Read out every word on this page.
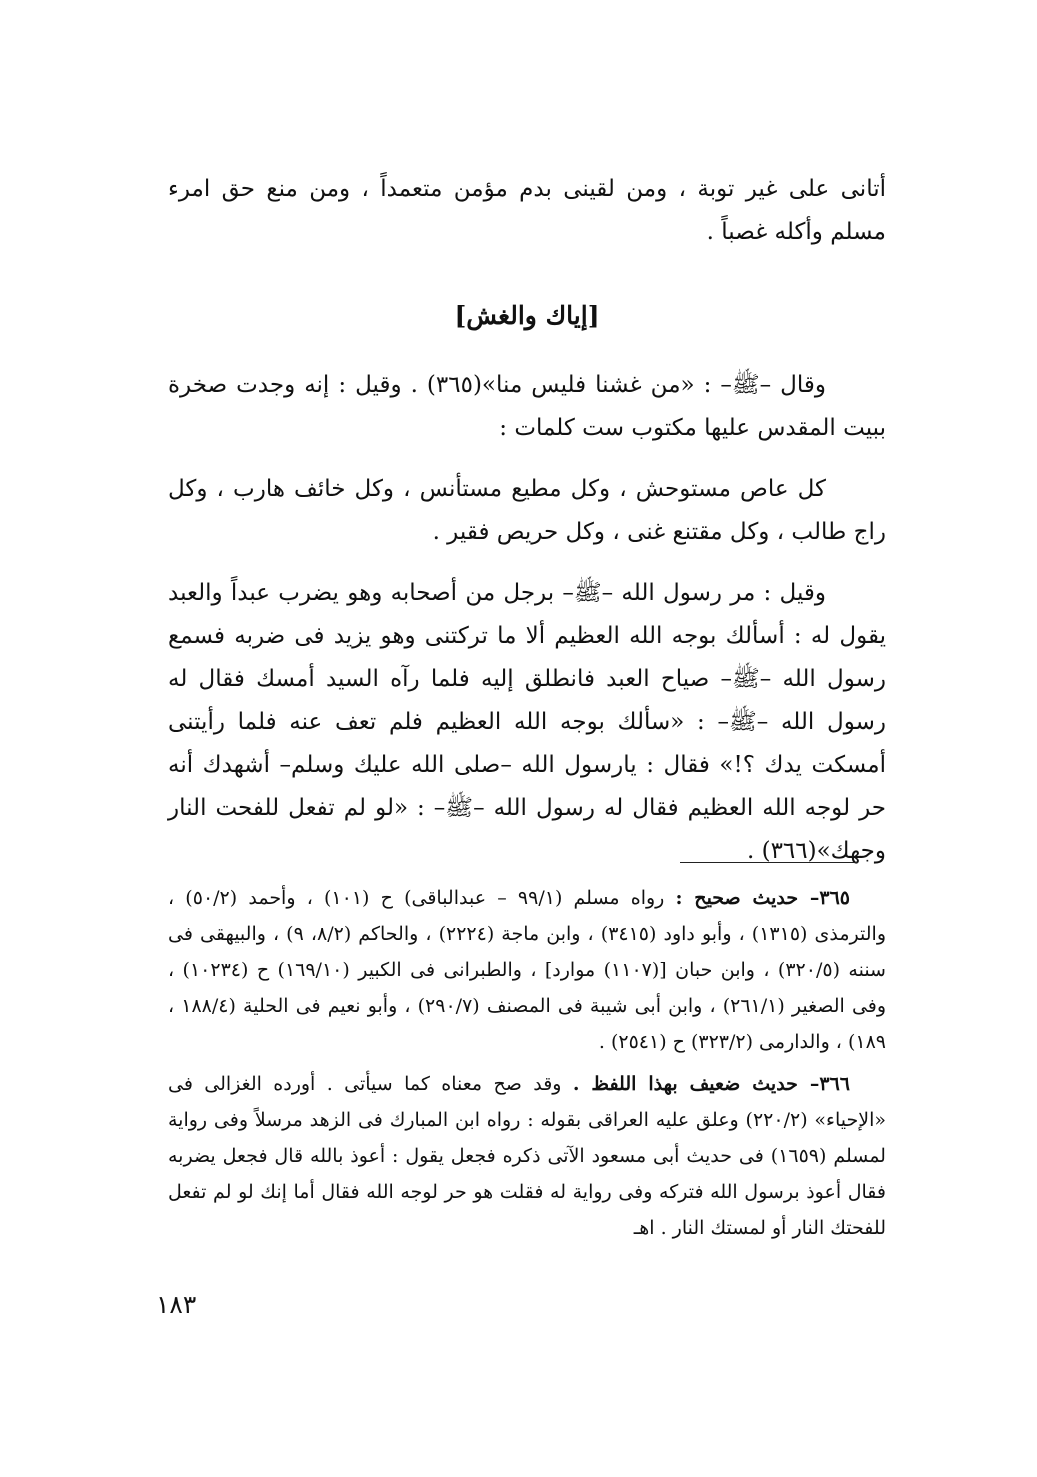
أتانى على غير توبة ، ومن لقينى بدم مؤمن متعمداً ، ومن منع حق امرء مسلم وأكله غصباً .

[إياك والغش]

وقال –ﷺ– : «من غشنا فليس منا»(٣٦٥) . وقيل : إنه وجدت صخرة ببيت المقدس عليها مكتوب ست كلمات :

كل عاص مستوحش ، وكل مطيع مستأنس ، وكل خائف هارب ، وكل راج طالب ، وكل مقتنع غنى ، وكل حريص فقير .

وقيل : مر رسول الله –ﷺ– برجل من أصحابه وهو يضرب عبداً والعبد يقول له : أسألك بوجه الله العظيم ألا ما تركتنى وهو يزيد فى ضربه فسمع رسول الله –ﷺ– صياح العبد فانطلق إليه فلما رآه السيد أمسك فقال له رسول الله –ﷺ– : «سألك بوجه الله العظيم فلم تعف عنه فلما رأيتنى أمسكت يدك ؟!» فقال : يارسول الله –صلى الله عليك وسلم– أشهدك أنه حر لوجه الله العظيم فقال له رسول الله –ﷺ– : «لو لم تفعل للفحت النار وجهك»(٣٦٦) .

٣٦٥– حديث صحيح : رواه مسلم (٩٩/١ – عبدالباقى) ح (١٠١) ، وأحمد (٥٠/٢) ، والترمذى (١٣١٥) ، وأبو داود (٣٤١٥) ، وابن ماجة (٢٢٢٤) ، والحاكم (٨/٢، ٩) ، والبيهقى فى سننه (٣٢٠/٥) ، وابن حبان [(١١٠٧) موارد] ، والطبرانى فى الكبير (١٦٩/١٠) ح (١٠٢٣٤) ، وفى الصغير (٢٦١/١) ، وابن أبى شيبة فى المصنف (٢٩٠/٧) ، وأبو نعيم فى الحلية (١٨٨/٤ ، ١٨٩) ، والدارمى (٣٢٣/٢) ح (٢٥٤١) .

٣٦٦– حديث ضعيف بهذا اللفظ . وقد صح معناه كما سيأتى . أورده الغزالى فى «الإحياء» (٢٢٠/٢) وعلق عليه العراقى بقوله : رواه ابن المبارك فى الزهد مرسلاً وفى رواية لمسلم (١٦٥٩) فى حديث أبى مسعود الآتى ذكره فجعل يقول : أعوذ بالله قال فجعل يضربه فقال أعوذ برسول الله فتركه وفى رواية له فقلت هو حر لوجه الله فقال أما إنك لو لم تفعل للفحتك النار أو لمستك النار . اهـ

١٨٣
